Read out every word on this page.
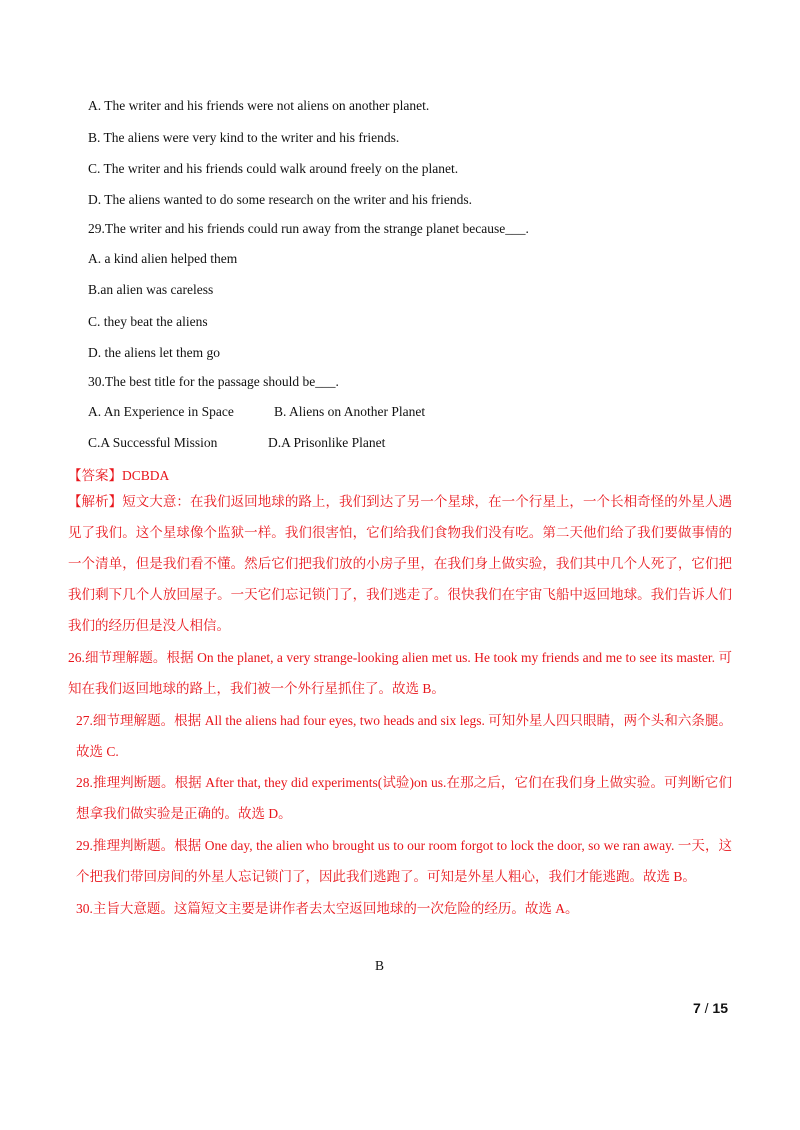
A. The writer and his friends were not aliens on another planet.
B. The aliens were very kind to the writer and his friends.
C. The writer and his friends could walk around freely on the planet.
D. The aliens wanted to do some research on the writer and his friends.
29.The writer and his friends could run away from the strange planet because___.
A. a kind alien helped them
B.an alien was careless
C. they beat the aliens
D. the aliens let them go
30.The best title for the passage should be___.
A. An Experience in Space	B. Aliens on Another Planet
C.A Successful Mission	D.A Prisonlike Planet
【答案】DCBDA
【解析】短文大意：在我们返回地球的路上，我们到达了另一个星球，在一个行星上，一个长相奇怪的外星人遇见了我们。这个星球像个监狱一样。我们很害怕，它们给我们食物我们没有吃。第二天他们给了我们要做事情的一个清单，但是我们看不懂。然后它们把我们放的小房子里，在我们身上做实验，我们其中几个人死了，它们把我们剩下几个人放回屋子。一天它们忘记锁门了，我们逃走了。很快我们在宇宙飞船中返回地球。我们告诉人们我们的经历但是没人相信。
26.细节理解题。根据 On the planet, a very strange-looking alien met us. He took my friends and me to see its master. 可知在我们返回地球的路上，我们被一个外行星抓住了。故选 B。
27.细节理解题。根据 All the aliens had four eyes, two heads and six legs. 可知外星人四只眼睛，两个头和六条腿。故选 C.
28.推理判断题。根据 After that, they did experiments(试验)on us.在那之后，它们在我们身上做实验。可判断它们想拿我们做实验是正确的。故选 D。
29.推理判断题。根据 One day, the alien who brought us to our room forgot to lock the door, so we ran away. 一天，这个把我们带回房间的外星人忘记锁门了，因此我们逃跑了。可知是外星人粗心，我们才能逃跑。故选 B。
30.主旨大意题。这篇短文主要是讲作者去太空返回地球的一次危险的经历。故选 A。
B
7 / 15
